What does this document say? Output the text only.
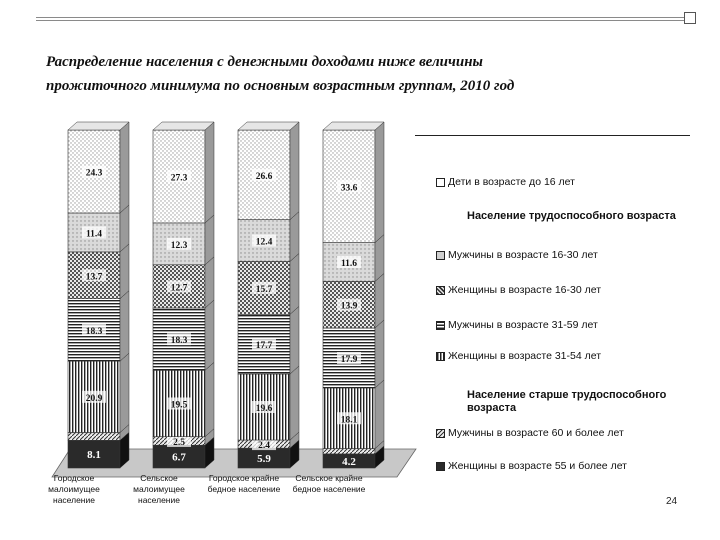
Распределение населения с денежными доходами ниже величины
прожиточного минимума по основным возрастным группам, 2010 год
8.1
20.9
18.3
13.7
11.4
24.3
6.7
2.5
19.5
18.3
12.7
12.3
27.3
5.9
2.4
19.6
17.7
15.7
12.4
26.6
4.2
18.1
17.9
13.9
11.6
33.6
Городское
малоимущее
население
Сельское
малоимущее
население
Городское крайне
бедное население
Сельское крайне
бедное население
Дети в возрасте до 16 лет
Население трудоспособного возраста
Мужчины в возрасте 16-30 лет
Женщины в возрасте 16-30 лет
Мужчины в возрасте 31-59 лет
Женщины в возрасте 31-54 лет
Население старше трудоспособного возраста
Мужчины в возрасте 60 и более лет
Женщины в возрасте 55 и более лет
24
